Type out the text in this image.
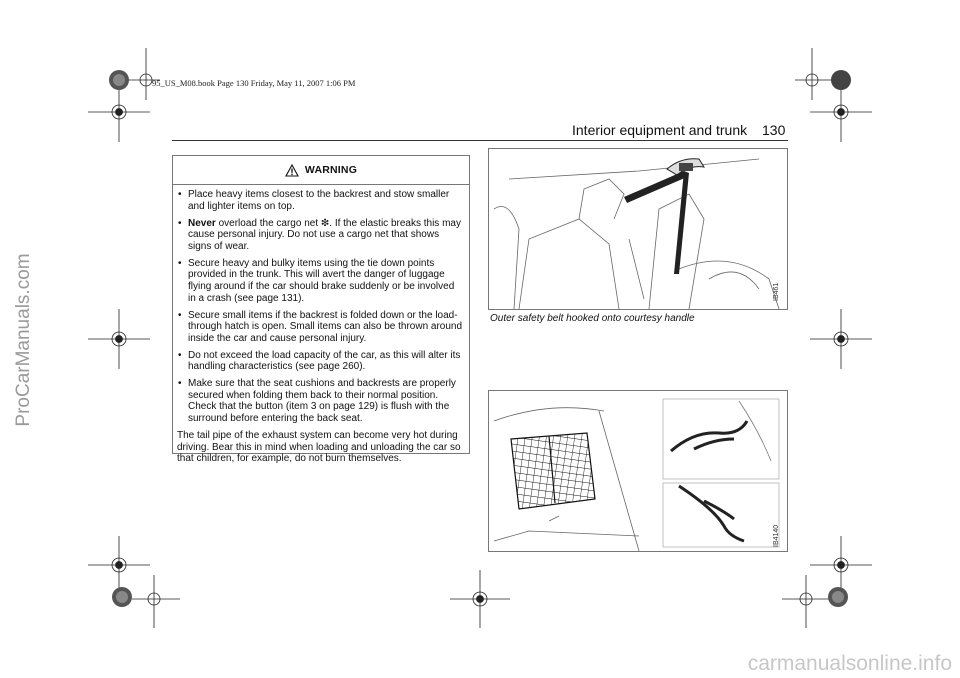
95_US_M08.book Page 130 Friday, May 11, 2007 1:06 PM
ProCarManuals.com
Interior equipment and trunk 130
WARNING
• Place heavy items closest to the backrest and stow smaller and lighter items on top.
• Never overload the cargo net ❇. If the elastic breaks this may cause personal injury. Do not use a cargo net that shows signs of wear.
• Secure heavy and bulky items using the tie down points provided in the trunk. This will avert the danger of luggage flying around if the car should brake suddenly or be involved in a crash (see page 131).
• Secure small items if the backrest is folded down or the load-through hatch is open. Small items can also be thrown around inside the car and cause personal injury.
• Do not exceed the load capacity of the car, as this will alter its handling characteristics (see page 260).
• Make sure that the seat cushions and backrests are properly secured when folding them back to their normal position. Check that the button (item 3 on page 129) is flush with the surround before entering the back seat.

The tail pipe of the exhaust system can become very hot during driving. Bear this in mind when loading and unloading the car so that children, for example, do not burn themselves.

IB461
Outer safety belt hooked onto courtesy handle
IB4140
carmanualsonline.info
